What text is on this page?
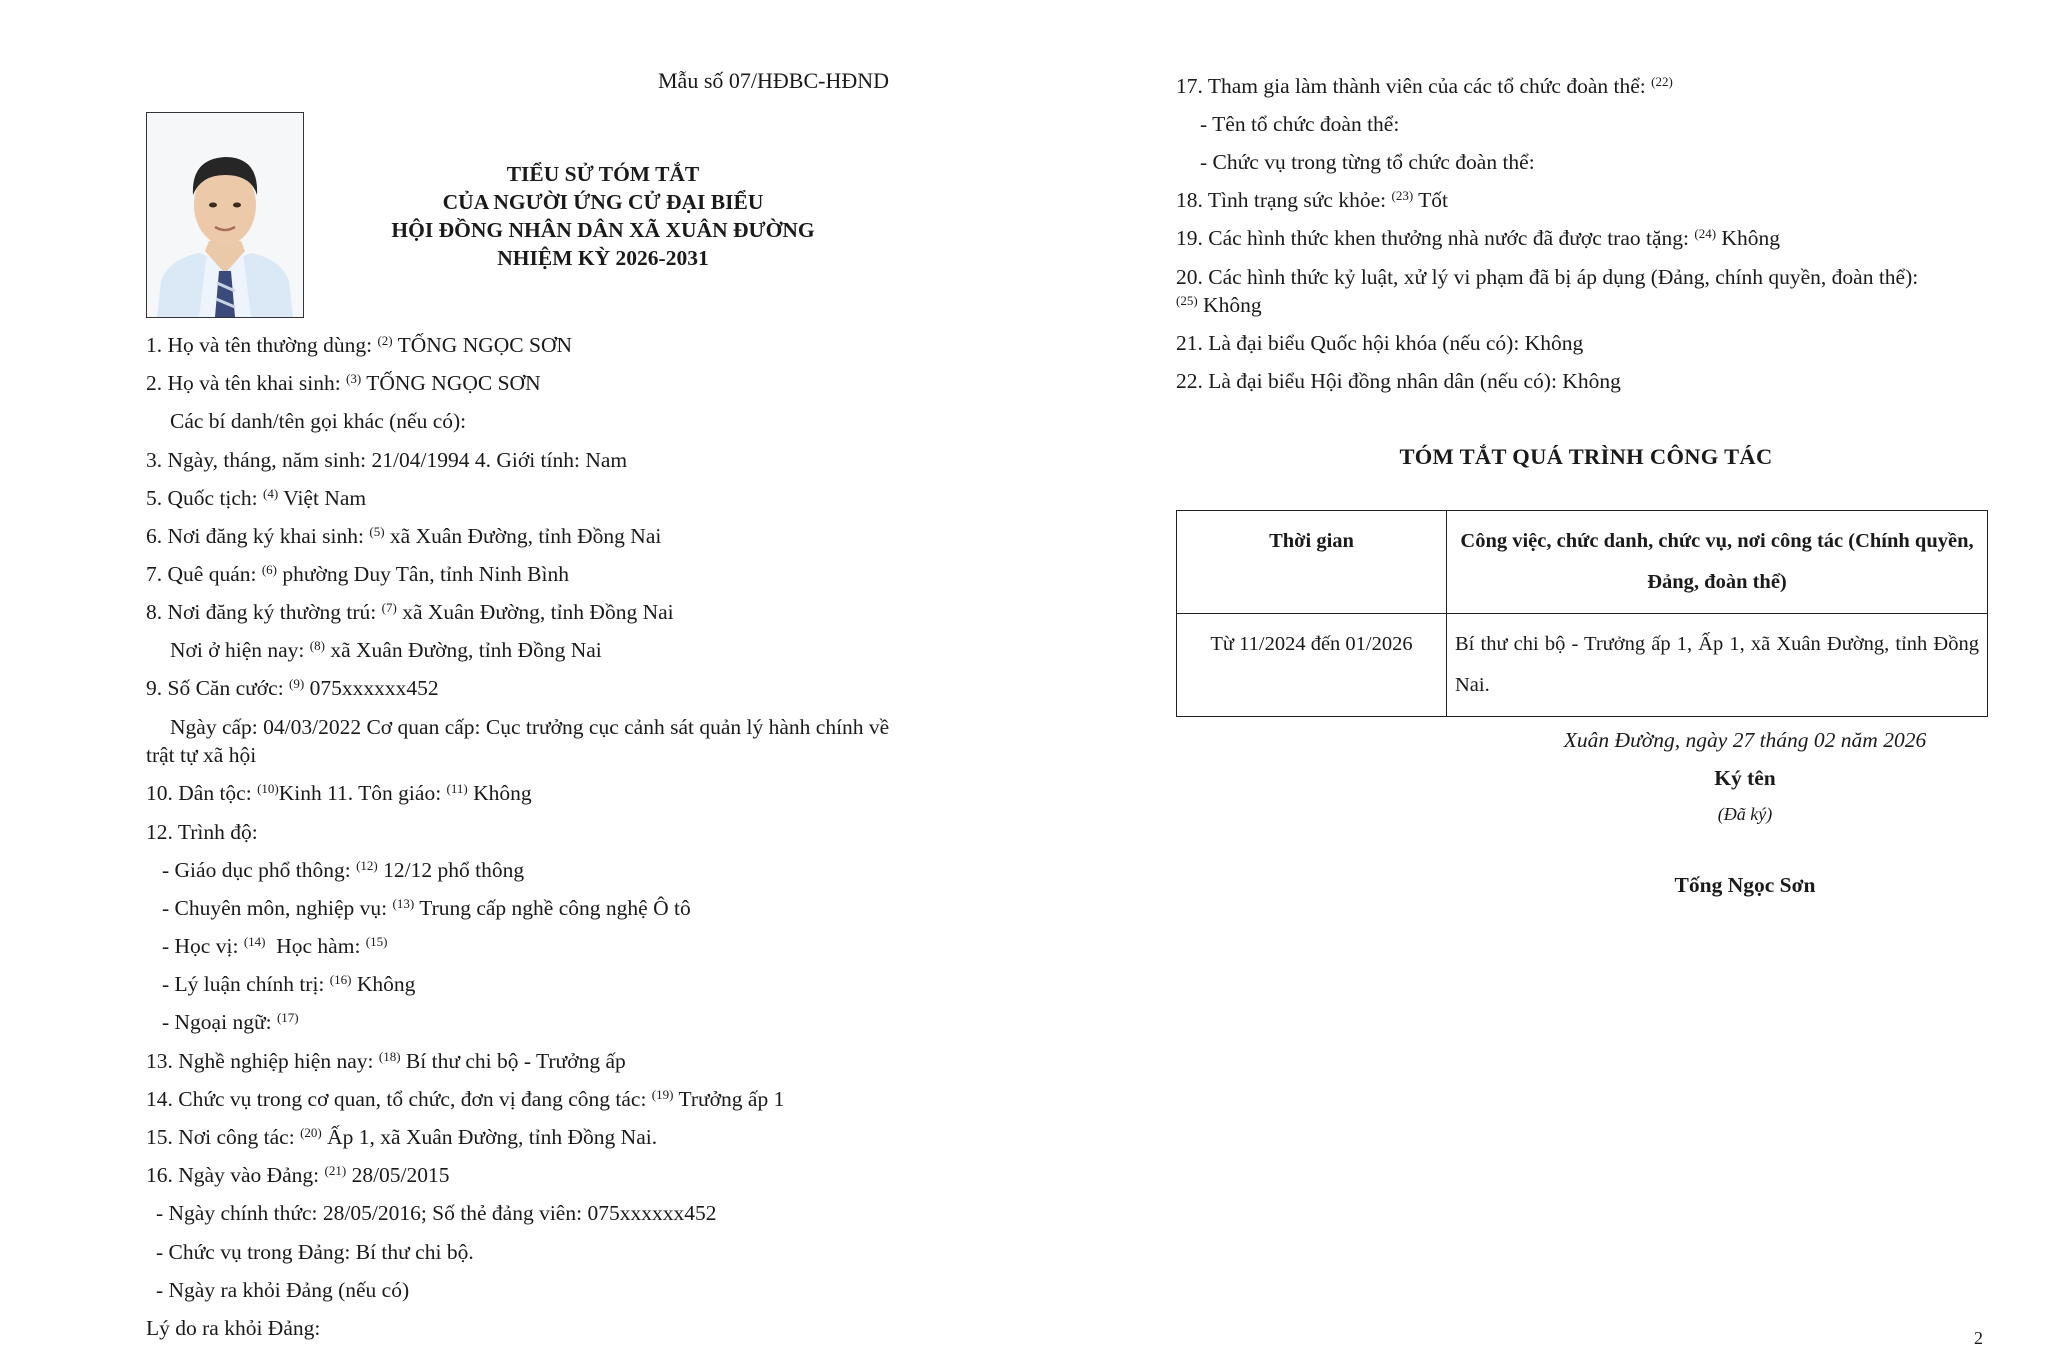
Mẫu số 07/HĐBC-HĐND
TIỂU SỬ TÓM TẮT
CỦA NGƯỜI ỨNG CỬ ĐẠI BIỂU
HỘI ĐỒNG NHÂN DÂN XÃ XUÂN ĐƯỜNG
NHIỆM KỲ 2026-2031
1. Họ và tên thường dùng: $^{(2)}$ TỐNG NGỌC SƠN
2. Họ và tên khai sinh: $^{(3)}$ TỐNG NGỌC SƠN
Các bí danh/tên gọi khác (nếu có):
3. Ngày, tháng, năm sinh: 21/04/1994 4. Giới tính: Nam
5. Quốc tịch: $^{(4)}$ Việt Nam
6. Nơi đăng ký khai sinh: $^{(5)}$ xã Xuân Đường, tỉnh Đồng Nai
7. Quê quán: $^{(6)}$ phường Duy Tân, tỉnh Ninh Bình
8. Nơi đăng ký thường trú: $^{(7)}$ xã Xuân Đường, tỉnh Đồng Nai
Nơi ở hiện nay: $^{(8)}$ xã Xuân Đường, tỉnh Đồng Nai
9. Số Căn cước: $^{(9)}$ 075xxxxxx452
Ngày cấp: 04/03/2022 Cơ quan cấp: Cục trưởng cục cảnh sát quản lý hành chính về
trật tự xã hội
10. Dân tộc: $^{(10)}$Kinh 11. Tôn giáo: $^{(11)}$ Không
12. Trình độ:
- Giáo dục phổ thông: $^{(12)}$ 12/12 phổ thông
- Chuyên môn, nghiệp vụ: $^{(13)}$ Trung cấp nghề công nghệ Ô tô
- Học vị: $^{(14)}$ Học hàm: $^{(15)}$
- Lý luận chính trị: $^{(16)}$ Không
- Ngoại ngữ: $^{(17)}$
13. Nghề nghiệp hiện nay: $^{(18)}$ Bí thư chi bộ - Trưởng ấp
14. Chức vụ trong cơ quan, tổ chức, đơn vị đang công tác: $^{(19)}$ Trưởng ấp 1
15. Nơi công tác: $^{(20)}$ Ấp 1, xã Xuân Đường, tỉnh Đồng Nai.
16. Ngày vào Đảng: $^{(21)}$ 28/05/2015
- Ngày chính thức: 28/05/2016; Số thẻ đảng viên: 075xxxxxx452
- Chức vụ trong Đảng: Bí thư chi bộ.
- Ngày ra khỏi Đảng (nếu có)
Lý do ra khỏi Đảng:
17. Tham gia làm thành viên của các tổ chức đoàn thể: $^{(22)}$
- Tên tổ chức đoàn thể:
- Chức vụ trong từng tổ chức đoàn thể:
18. Tình trạng sức khỏe: $^{(23)}$ Tốt
19. Các hình thức khen thưởng nhà nước đã được trao tặng: $^{(24)}$ Không
20. Các hình thức kỷ luật, xử lý vi phạm đã bị áp dụng (Đảng, chính quyền, đoàn thể):
$^{(25)}$ Không
21. Là đại biểu Quốc hội khóa (nếu có): Không
22. Là đại biểu Hội đồng nhân dân (nếu có): Không
TÓM TẮT QUÁ TRÌNH CÔNG TÁC
Thời gian	Công việc, chức danh, chức vụ, nơi công tác (Chính quyền, Đảng, đoàn thể)
Từ 11/2024 đến 01/2026	Bí thư chi bộ - Trưởng ấp 1, Ấp 1, xã Xuân Đường, tỉnh Đồng Nai.
Xuân Đường, ngày 27 tháng 02 năm 2026
Ký tên
(Đã ký)
Tống Ngọc Sơn
2
